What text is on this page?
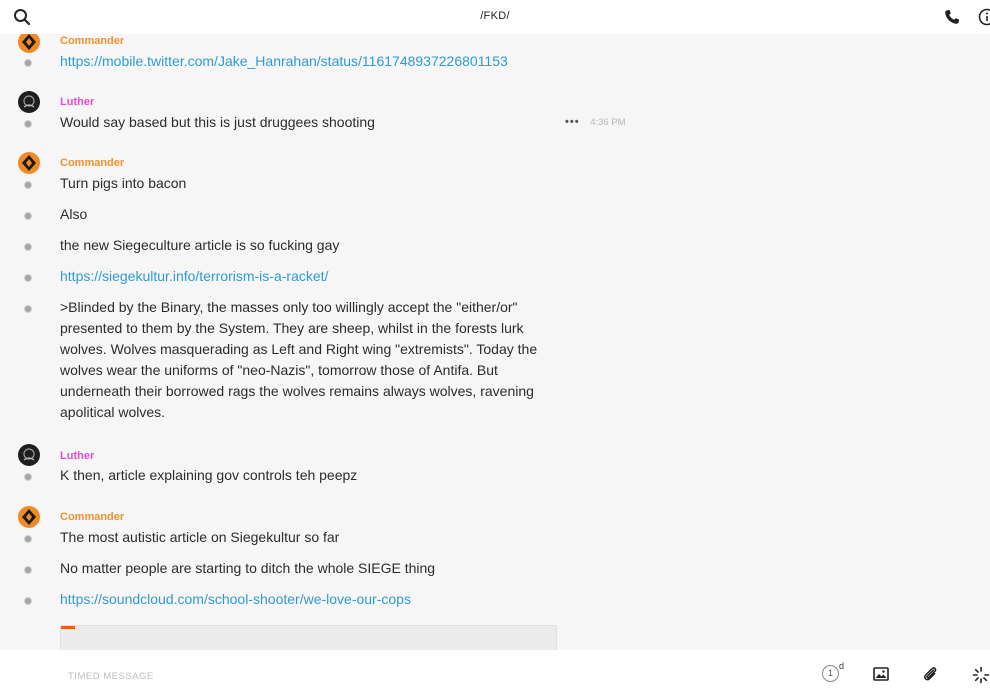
/FKD/
Commander
https://mobile.twitter.com/Jake_Hanrahan/status/1161748937226801153
Luther
Would say based but this is just druggees shooting	••• 4:36 PM
Commander
Turn pigs into bacon
Also
the new Siegeculture article is so fucking gay
https://siegekultur.info/terrorism-is-a-racket/
>Blinded by the Binary, the masses only too willingly accept the "either/or" presented to them by the System. They are sheep, whilst in the forests lurk wolves. Wolves masquerading as Left and Right wing "extremists". Today the wolves wear the uniforms of "neo-Nazis", tomorrow those of Antifa. But underneath their borrowed rags the wolves remains always wolves, ravening apolitical wolves.
Luther
K then, article explaining gov controls teh peepz
Commander
The most autistic article on Siegekultur so far
No matter people are starting to ditch the whole SIEGE thing
https://soundcloud.com/school-shooter/we-love-our-cops
TIMED MESSAGE
1
d
